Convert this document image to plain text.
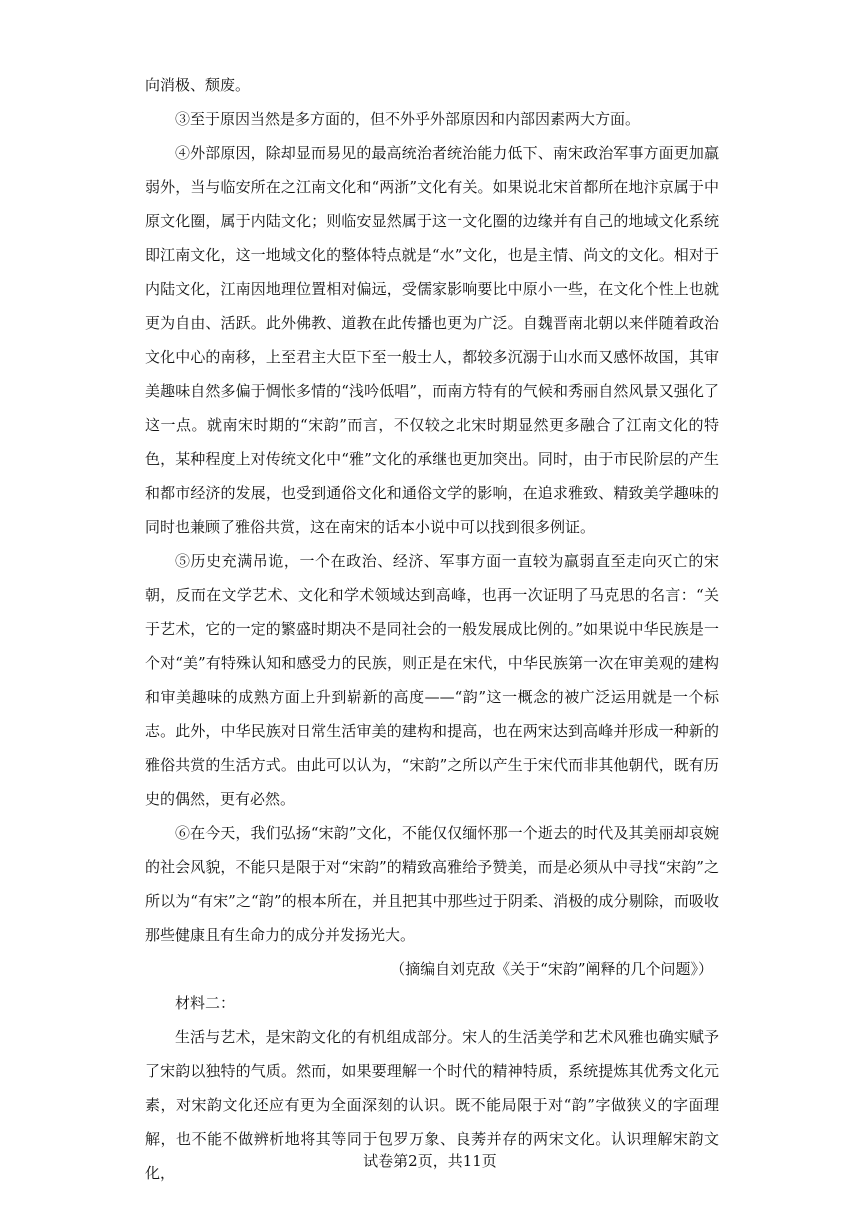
向消极、颓废。

③至于原因当然是多方面的，但不外乎外部原因和内部因素两大方面。

④外部原因，除却显而易见的最高统治者统治能力低下、南宋政治军事方面更加羸弱外，当与临安所在之江南文化和“两浙”文化有关。如果说北宋首都所在地汴京属于中原文化圈，属于内陆文化；则临安显然属于这一文化圈的边缘并有自己的地域文化系统即江南文化，这一地域文化的整体特点就是“水”文化，也是主情、尚文的文化。相对于内陆文化，江南因地理位置相对偏远，受儒家影响要比中原小一些，在文化个性上也就更为自由、活跃。此外佛教、道教在此传播也更为广泛。自魏晋南北朝以来伴随着政治文化中心的南移，上至君主大臣下至一般士人，都较多沉溺于山水而又感怀故国，其审美趣味自然多偏于惆怅多情的“浅吟低唱”，而南方特有的气候和秀丽自然风景又强化了这一点。就南宋时期的“宋韵”而言，不仅较之北宋时期显然更多融合了江南文化的特色，某种程度上对传统文化中“雅”文化的承继也更加突出。同时，由于市民阶层的产生和都市经济的发展，也受到通俗文化和通俗文学的影响，在追求雅致、精致美学趣味的同时也兼顾了雅俗共赏，这在南宋的话本小说中可以找到很多例证。

⑤历史充满吊诡，一个在政治、经济、军事方面一直较为羸弱直至走向灭亡的宋朝，反而在文学艺术、文化和学术领域达到高峰，也再一次证明了马克思的名言：“关于艺术，它的一定的繁盛时期决不是同社会的一般发展成比例的。”如果说中华民族是一个对“美”有特殊认知和感受力的民族，则正是在宋代，中华民族第一次在审美观的建构和审美趣味的成熟方面上升到崭新的高度——“韵”这一概念的被广泛运用就是一个标志。此外，中华民族对日常生活审美的建构和提高，也在两宋达到高峰并形成一种新的雅俗共赏的生活方式。由此可以认为，“宋韵”之所以产生于宋代而非其他朝代，既有历史的偶然，更有必然。

⑥在今天，我们弘扬“宋韵”文化，不能仅仅缅怀那一个逝去的时代及其美丽却哀婉的社会风貌，不能只是限于对“宋韵”的精致高雅给予赞美，而是必须从中寻找“宋韵”之所以为“有宋”之“韵”的根本所在，并且把其中那些过于阴柔、消极的成分剔除，而吸收那些健康且有生命力的成分并发扬光大。

（摘编自刘克敌《关于“宋韵”阐释的几个问题》）

材料二：

生活与艺术，是宋韵文化的有机组成部分。宋人的生活美学和艺术风雅也确实赋予了宋韵以独特的气质。然而，如果要理解一个时代的精神特质，系统提炼其优秀文化元素，对宋韵文化还应有更为全面深刻的认识。既不能局限于对“韵”字做狭义的字面理解，也不能不做辨析地将其等同于包罗万象、良莠并存的两宋文化。认识理解宋韵文化，

试卷第2页，共11页
